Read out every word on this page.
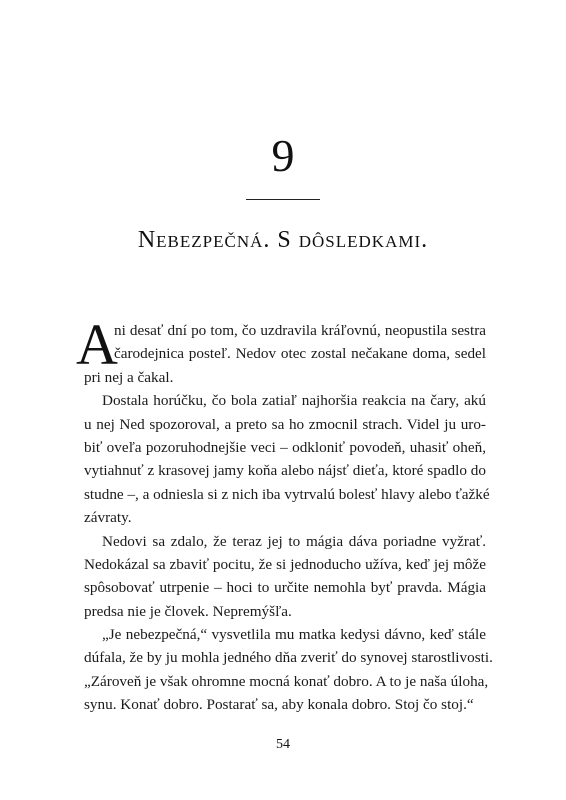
9
Nebezpečná. S dôsledkami.
A
ni desať dní po tom, čo uzdravila kráľovnú, neopustila sestra
čarodejnica posteľ. Nedov otec zostal nečakane doma, sedel
pri nej a čakal.
Dostala horúčku, čo bola zatiaľ najhoršia reakcia na čary, akú
u nej Ned spozoroval, a preto sa ho zmocnil strach. Videl ju uro-
biť oveľa pozoruhodnejšie veci – odkloniť povodeň, uhasiť oheň,
vytiahnuť z krasovej jamy koňa alebo nájsť dieťa, ktoré spadlo do
studne –, a odniesla si z nich iba vytrvalú bolesť hlavy alebo ťažké
závraty.
Nedovi sa zdalo, že teraz jej to mágia dáva poriadne vyžrať.
Nedokázal sa zbaviť pocitu, že si jednoducho užíva, keď jej môže
spôsobovať utrpenie – hoci to určite nemohla byť pravda. Mágia
predsa nie je človek. Nepremýšľa.
„Je nebezpečná,“ vysvetlila mu matka kedysi dávno, keď stále
dúfala, že by ju mohla jedného dňa zveriť do synovej starostlivosti.
„Zároveň je však ohromne mocná konať dobro. A to je naša úloha,
synu. Konať dobro. Postarať sa, aby konala dobro. Stoj čo stoj.“
54
